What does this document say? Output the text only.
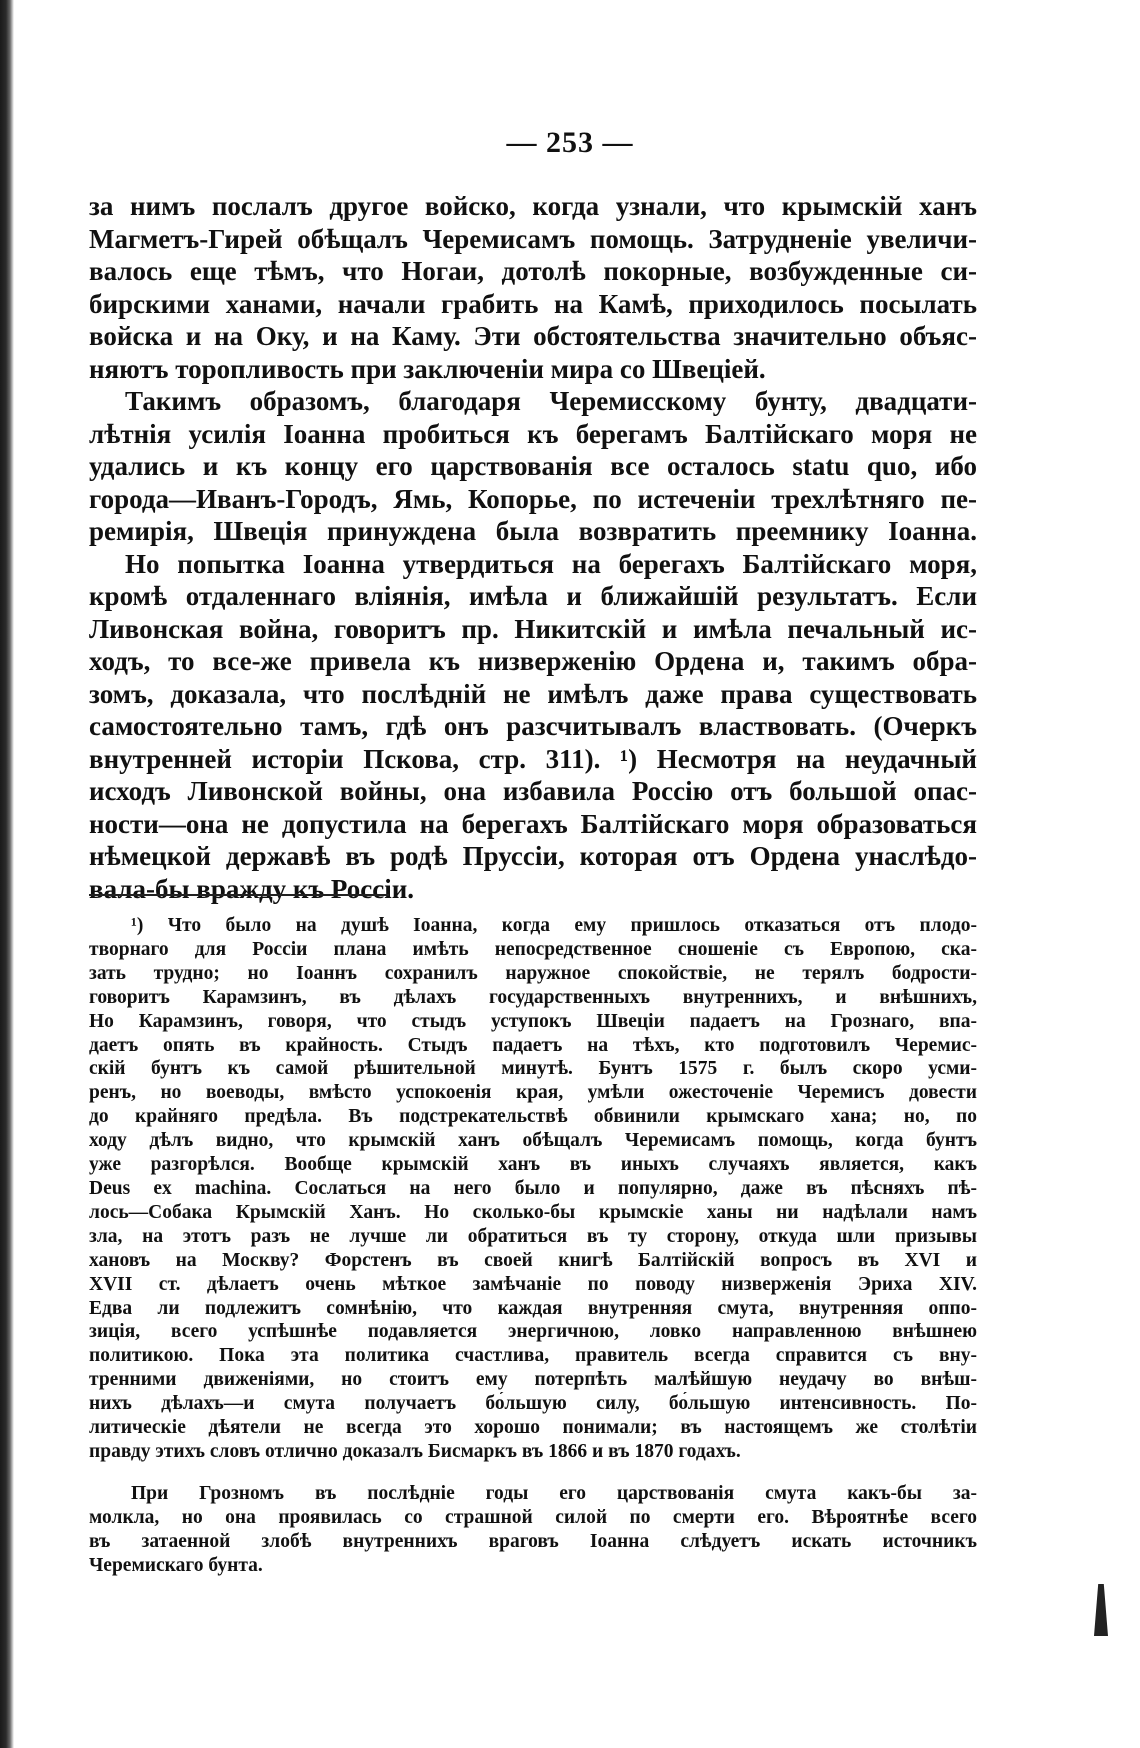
— 253 —
за нимъ послалъ другое войско, когда узнали, что крымскій ханъ
Магметъ-Гирей обѣщалъ Черемисамъ помощь. Затрудненіе увеличи-
валось еще тѣмъ, что Ногаи, дотолѣ покорные, возбужденные си-
бирскими ханами, начали грабить на Камѣ, приходилось посылать
войска и на Оку, и на Каму. Эти обстоятельства значительно объяс-
няютъ торопливость при заключеніи мира со Швеціей.
Такимъ образомъ, благодаря Черемисскому бунту, двадцати-
лѣтнія усилія Іоанна пробиться къ берегамъ Балтійскаго моря не
удались и къ концу его царствованія все осталось statu quo, ибо
города—Иванъ-Городъ, Ямь, Копорье, по истеченіи трехлѣтняго пе-
ремирія, Швеція принуждена была возвратить преемнику Іоанна.
Но попытка Іоанна утвердиться на берегахъ Балтійскаго моря,
кромѣ отдаленнаго вліянія, имѣла и ближайшій результатъ. Если
Ливонская война, говоритъ пр. Никитскій и имѣла печальный ис-
ходъ, то все-же привела къ низверженію Ордена и, такимъ обра-
зомъ, доказала, что послѣдній не имѣлъ даже права существовать
самостоятельно тамъ, гдѣ онъ разсчитывалъ властвовать. (Очеркъ
внутренней исторіи Пскова, стр. 311). ¹) Несмотря на неудачный
исходъ Ливонской войны, она избавила Россію отъ большой опас-
ности—она не допустила на берегахъ Балтійскаго моря образоваться
нѣмецкой державѣ въ родѣ Пруссіи, которая отъ Ордена унаслѣдо-
вала-бы вражду къ Россіи.
¹) Что было на душѣ Іоанна, когда ему пришлось отказаться отъ плодо-
творнаго для Россіи плана имѣть непосредственное сношеніе съ Европою, ска-
зать трудно; но Іоаннъ сохранилъ наружное спокойствіе, не терялъ бодрости-
говоритъ Карамзинъ, въ дѣлахъ государственныхъ внутреннихъ, и внѣшнихъ,
Но Карамзинъ, говоря, что стыдъ уступокъ Швеціи падаетъ на Грознаго, впа-
даетъ опять въ крайность. Стыдъ падаетъ на тѣхъ, кто подготовилъ Черемис-
скій бунтъ къ самой рѣшительной минутѣ. Бунтъ 1575 г. былъ скоро усми-
ренъ, но воеводы, вмѣсто успокоенія края, умѣли ожесточеніе Черемисъ довести
до крайняго предѣла. Въ подстрекательствѣ обвинили крымскаго хана; но, по
ходу дѣлъ видно, что крымскій ханъ обѣщалъ Черемисамъ помощь, когда бунтъ
уже разгорѣлся. Вообще крымскій ханъ въ иныхъ случаяхъ является, какъ
Deus ex machina. Сослаться на него было и популярно, даже въ пѣсняхъ пѣ-
лось—Собака Крымскій Ханъ. Но сколько-бы крымскіе ханы ни надѣлали намъ
зла, на этотъ разъ не лучше ли обратиться въ ту сторону, откуда шли призывы
хановъ на Москву? Форстенъ въ своей книгѣ Балтійскій вопросъ въ XVI и
XVII ст. дѣлаетъ очень мѣткое замѣчаніе по поводу низверженія Эриха XIV.
Едва ли подлежитъ сомнѣнію, что каждая внутренняя смута, внутренняя оппо-
зиція, всего успѣшнѣе подавляется энергичною, ловко направленною внѣшнею
политикою. Пока эта политика счастлива, правитель всегда справится съ вну-
тренними движеніями, но стоитъ ему потерпѣть малѣйшую неудачу во внѣш-
нихъ дѣлахъ—и смута получаетъ бо́льшую силу, бо́льшую интенсивность. По-
литическіе дѣятели не всегда это хорошо понимали; въ настоящемъ же столѣтіи
правду этихъ словъ отлично доказалъ Бисмаркъ въ 1866 и въ 1870 годахъ.
При Грозномъ въ послѣдніе годы его царствованія смута какъ-бы за-
молкла, но она проявилась со страшной силой по смерти его. Вѣроятнѣе всего
въ затаенной злобѣ внутреннихъ враговъ Іоанна слѣдуетъ искать источникъ
Черемискаго бунта.
